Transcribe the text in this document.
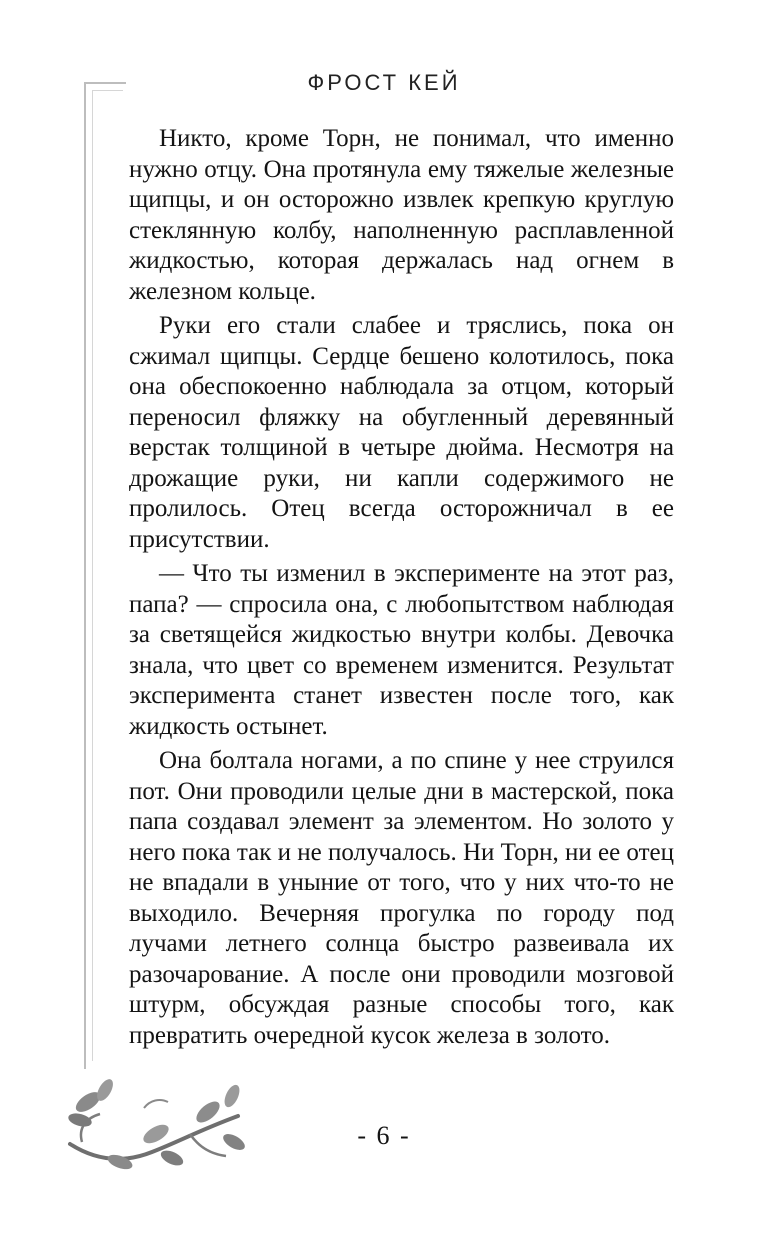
ФРОСТ КЕЙ

Никто, кроме Торн, не понимал, что именно нужно отцу. Она протянула ему тяжелые железные щипцы, и он осторожно извлек крепкую круглую стеклянную колбу, наполненную расплавленной жидкостью, которая держалась над огнем в железном кольце.

Руки его стали слабее и тряслись, пока он сжимал щипцы. Сердце бешено колотилось, пока она обеспокоенно наблюдала за отцом, который переносил фляжку на обугленный деревянный верстак толщиной в четыре дюйма. Несмотря на дрожащие руки, ни капли содержимого не пролилось. Отец всегда осторожничал в ее присутствии.

— Что ты изменил в эксперименте на этот раз, папа? — спросила она, с любопытством наблюдая за светящейся жидкостью внутри колбы. Девочка знала, что цвет со временем изменится. Результат эксперимента станет известен после того, как жидкость остынет.

Она болтала ногами, а по спине у нее струился пот. Они проводили целые дни в мастерской, пока папа создавал элемент за элементом. Но золото у него пока так и не получалось. Ни Торн, ни ее отец не впадали в уныние от того, что у них что-то не выходило. Вечерняя прогулка по городу под лучами летнего солнца быстро развеивала их разочарование. А после они проводили мозговой штурм, обсуждая разные способы того, как превратить очередной кусок железа в золото.

- 6 -
